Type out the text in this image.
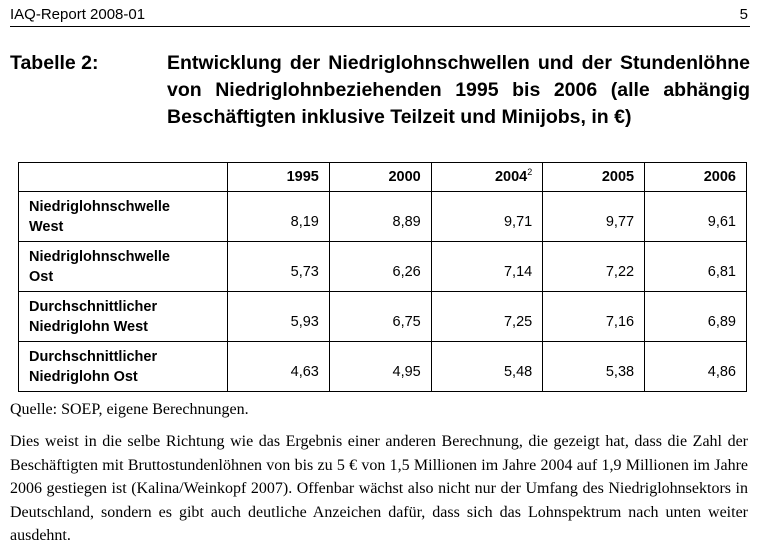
IAQ-Report 2008-01	5
Tabelle 2:	Entwicklung der Niedriglohnschwellen und der Stundenlöhne von Niedriglohnbeziehenden 1995 bis 2006 (alle abhängig Beschäftigten inklusive Teilzeit und Minijobs, in €)
	1995	2000	2004$^2$	2005	2006
Niedriglohnschwelle
West	8,19	8,89	9,71	9,77	9,61
Niedriglohnschwelle
Ost	5,73	6,26	7,14	7,22	6,81
Durchschnittlicher
Niedriglohn West	5,93	6,75	7,25	7,16	6,89
Durchschnittlicher
Niedriglohn Ost	4,63	4,95	5,48	5,38	4,86
Quelle: SOEP, eigene Berechnungen.
Dies weist in die selbe Richtung wie das Ergebnis einer anderen Berechnung, die gezeigt hat, dass die Zahl der Beschäftigten mit Bruttostundenlöhnen von bis zu 5 € von 1,5 Millionen im Jahre 2004 auf 1,9 Millionen im Jahre 2006 gestiegen ist (Kalina/Weinkopf 2007). Offenbar wächst also nicht nur der Umfang des Niedriglohnsektors in Deutschland, sondern es gibt auch deutliche Anzeichen dafür, dass sich das Lohnspektrum nach unten weiter ausdehnt.
